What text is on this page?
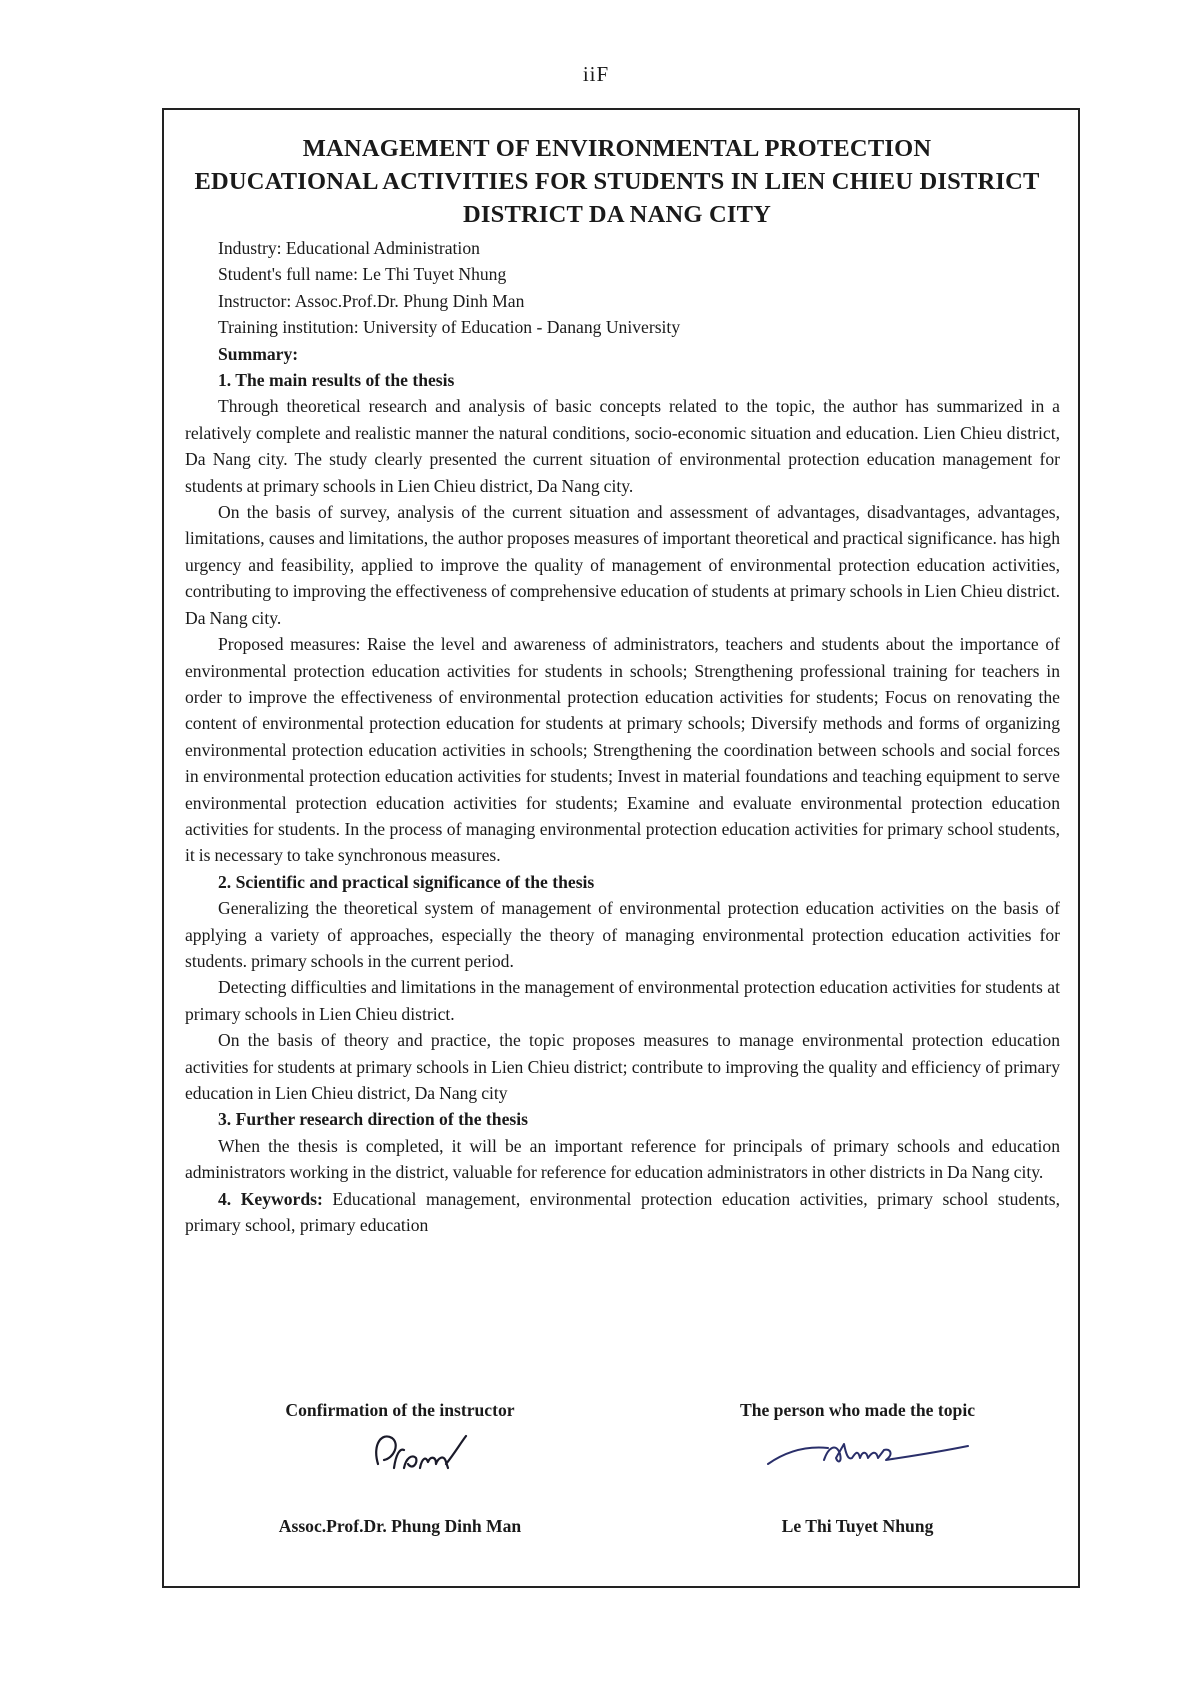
iiF
MANAGEMENT OF ENVIRONMENTAL PROTECTION
EDUCATIONAL ACTIVITIES FOR STUDENTS IN LIEN CHIEU DISTRICT
DISTRICT DA NANG CITY
Industry: Educational Administration
Student's full name: Le Thi Tuyet Nhung
Instructor: Assoc.Prof.Dr. Phung Dinh Man
Training institution: University of Education - Danang University
Summary:
1. The main results of the thesis

Through theoretical research and analysis of basic concepts related to the topic, the author has summarized in a relatively complete and realistic manner the natural conditions, socio-economic situation and education. Lien Chieu district, Da Nang city. The study clearly presented the current situation of environmental protection education management for students at primary schools in Lien Chieu district, Da Nang city.

On the basis of survey, analysis of the current situation and assessment of advantages, disadvantages, advantages, limitations, causes and limitations, the author proposes measures of important theoretical and practical significance. has high urgency and feasibility, applied to improve the quality of management of environmental protection education activities, contributing to improving the effectiveness of comprehensive education of students at primary schools in Lien Chieu district. Da Nang city.

Proposed measures: Raise the level and awareness of administrators, teachers and students about the importance of environmental protection education activities for students in schools; Strengthening professional training for teachers in order to improve the effectiveness of environmental protection education activities for students; Focus on renovating the content of environmental protection education for students at primary schools; Diversify methods and forms of organizing environmental protection education activities in schools; Strengthening the coordination between schools and social forces in environmental protection education activities for students; Invest in material foundations and teaching equipment to serve environmental protection education activities for students; Examine and evaluate environmental protection education activities for students. In the process of managing environmental protection education activities for primary school students, it is necessary to take synchronous measures.

2. Scientific and practical significance of the thesis

Generalizing the theoretical system of management of environmental protection education activities on the basis of applying a variety of approaches, especially the theory of managing environmental protection education activities for students. primary schools in the current period.

Detecting difficulties and limitations in the management of environmental protection education activities for students at primary schools in Lien Chieu district.

On the basis of theory and practice, the topic proposes measures to manage environmental protection education activities for students at primary schools in Lien Chieu district; contribute to improving the quality and efficiency of primary education in Lien Chieu district, Da Nang city

3. Further research direction of the thesis

When the thesis is completed, it will be an important reference for principals of primary schools and education administrators working in the district, valuable for reference for education administrators in other districts in Da Nang city.

4. Keywords: Educational management, environmental protection education activities, primary school students, primary school, primary education

Confirmation of the instructor
Assoc.Prof.Dr. Phung Dinh Man
The person who made the topic
Le Thi Tuyet Nhung
